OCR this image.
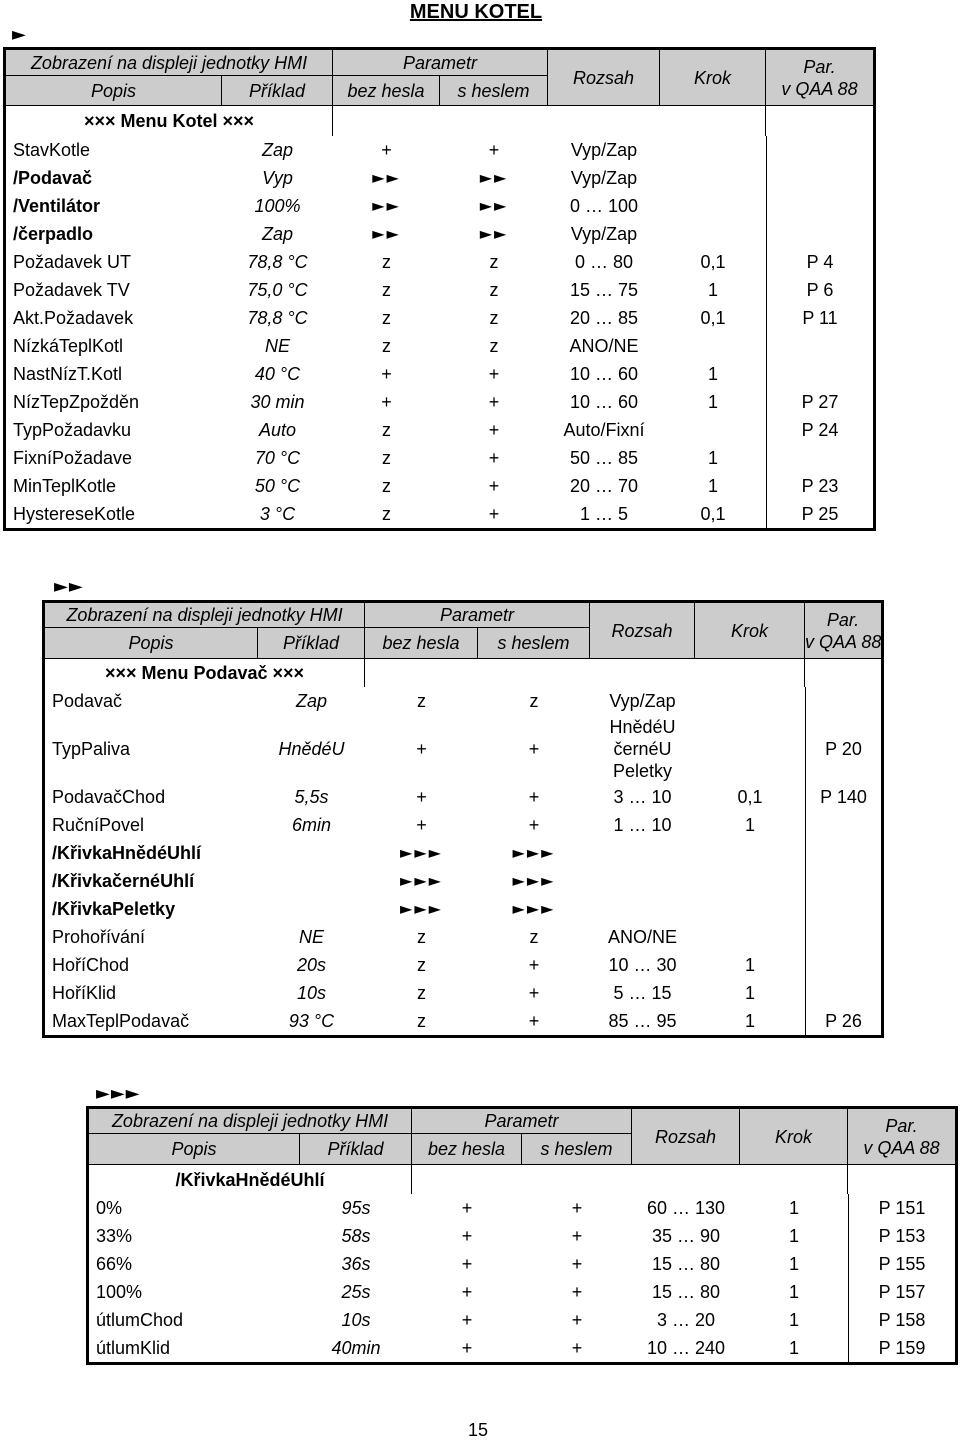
MENU KOTEL
►
Zobrazení na displeji jednotky HMI		Parametr		Rozsah	Krok	Par.
v QAA 88

Popis	Příklad	bez hesla	s heslem			
××× Menu Kotel ×××						
StavKotle	Zap	+	+	Vyp/Zap		
/Podavač	Vyp	►►	►►	Vyp/Zap		
/Ventilátor	100%	►►	►►	0 … 100		
/čerpadlo	Zap	►►	►►	Vyp/Zap		
Požadavek UT	78,8 °C	z	z	0 … 80	0,1	P 4
Požadavek TV	75,0 °C	z	z	15 … 75	1	P 6
Akt.Požadavek	78,8 °C	z	z	20 … 85	0,1	P 11
NízkáTeplKotl	NE	z	z	ANO/NE		
NastNízT.Kotl	40 °C	+	+	10 … 60	1	
NízTepZpožděn	30 min	+	+	10 … 60	1	P 27
TypPožadavku	Auto	z	+	Auto/Fixní		P 24
FixníPožadave	70 °C	z	+	50 … 85	1	
MinTeplKotle	50 °C	z	+	20 … 70	1	P 23
HystereseKotle	3 °C	z	+	1 … 5	0,1	P 25
►►
Zobrazení na displeji jednotky HMI		Parametr		Rozsah	Krok	Par.
v QAA 88

Popis	Příklad	bez hesla	s heslem			
××× Menu Podavač ×××						
Podavač	Zap	z	z	Vyp/Zap		
TypPaliva	HnědéU	+	+	HnědéU
černéU
Peletky		P 20
PodavačChod	5,5s	+	+	3 … 10	0,1	P 140
RučníPovel	6min	+	+	1 … 10	1	
/KřivkaHnědéUhlí		►►►	►►►			
/KřivkačernéUhlí		►►►	►►►			
/KřivkaPeletky		►►►	►►►			
Prohořívání	NE	z	z	ANO/NE		
HoříChod	20s	z	+	10 … 30	1	
HoříKlid	10s	z	+	5 … 15	1	
MaxTeplPodavač	93 °C	z	+	85 … 95	1	P 26
►►►
Zobrazení na displeji jednotky HMI		Parametr		Rozsah	Krok	Par.
v QAA 88

Popis	Příklad	bez hesla	s heslem			
/KřivkaHnědéUhlí						
0%	95s	+	+	60 … 130	1	P 151
33%	58s	+	+	35 … 90	1	P 153
66%	36s	+	+	15 … 80	1	P 155
100%	25s	+	+	15 … 80	1	P 157
útlumChod	10s	+	+	3 … 20	1	P 158
útlumKlid	40min	+	+	10 … 240	1	P 159
15
